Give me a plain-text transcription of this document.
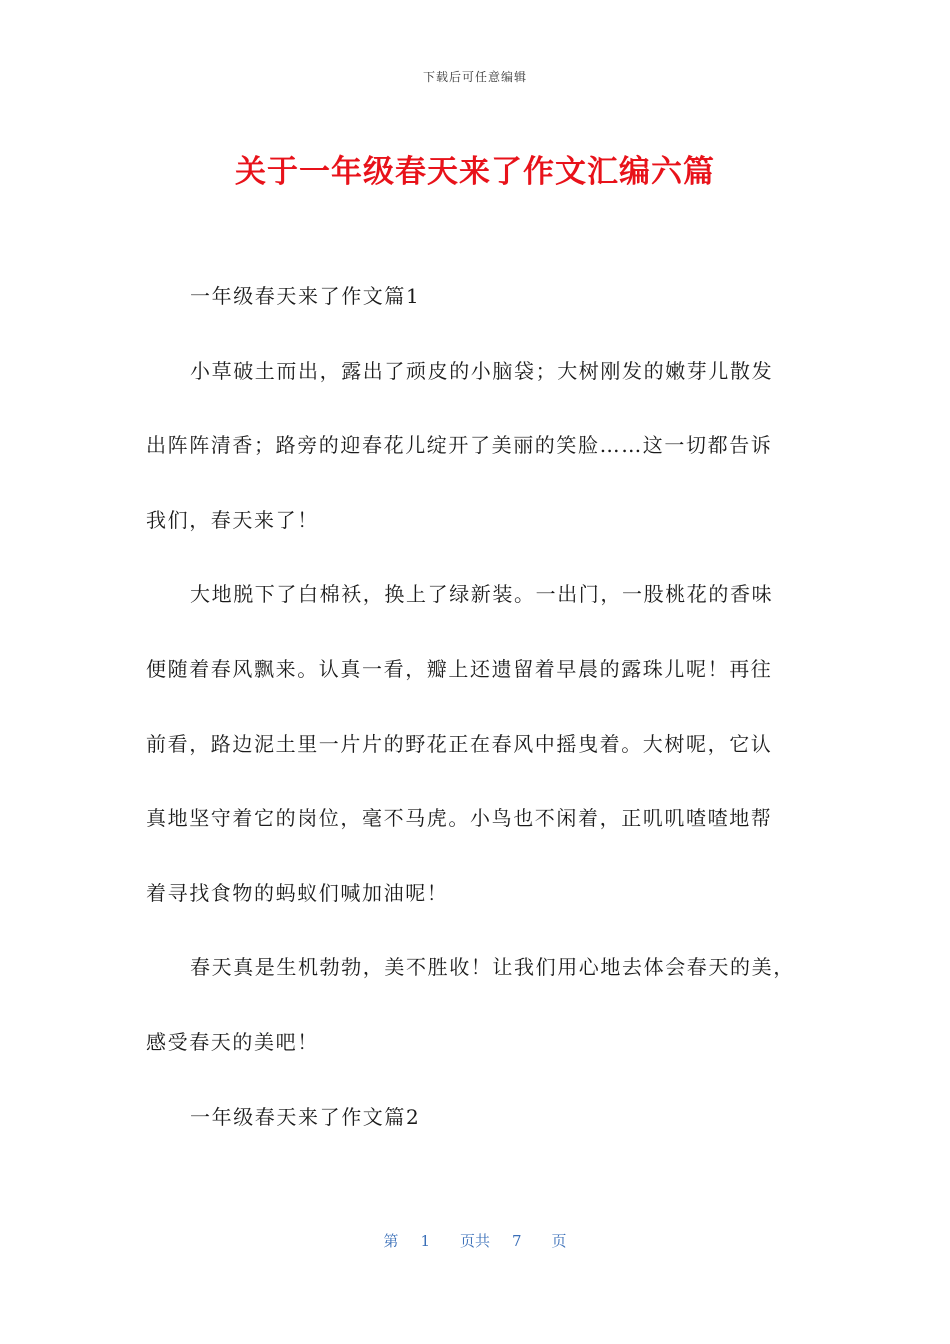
下载后可任意编辑
关于一年级春天来了作文汇编六篇
一年级春天来了作文篇1
小草破土而出，露出了顽皮的小脑袋；大树刚发的嫩芽儿散发
出阵阵清香；路旁的迎春花儿绽开了美丽的笑脸……这一切都告诉
我们，春天来了！
大地脱下了白棉袄，换上了绿新装。一出门，一股桃花的香味
便随着春风飘来。认真一看，瓣上还遗留着早晨的露珠儿呢！再往
前看，路边泥土里一片片的野花正在春风中摇曳着。大树呢，它认
真地坚守着它的岗位，毫不马虎。小鸟也不闲着，正叽叽喳喳地帮
着寻找食物的蚂蚁们喊加油呢！
春天真是生机勃勃，美不胜收！让我们用心地去体会春天的美，
感受春天的美吧！
一年级春天来了作文篇2
第 1 页共 7 页
